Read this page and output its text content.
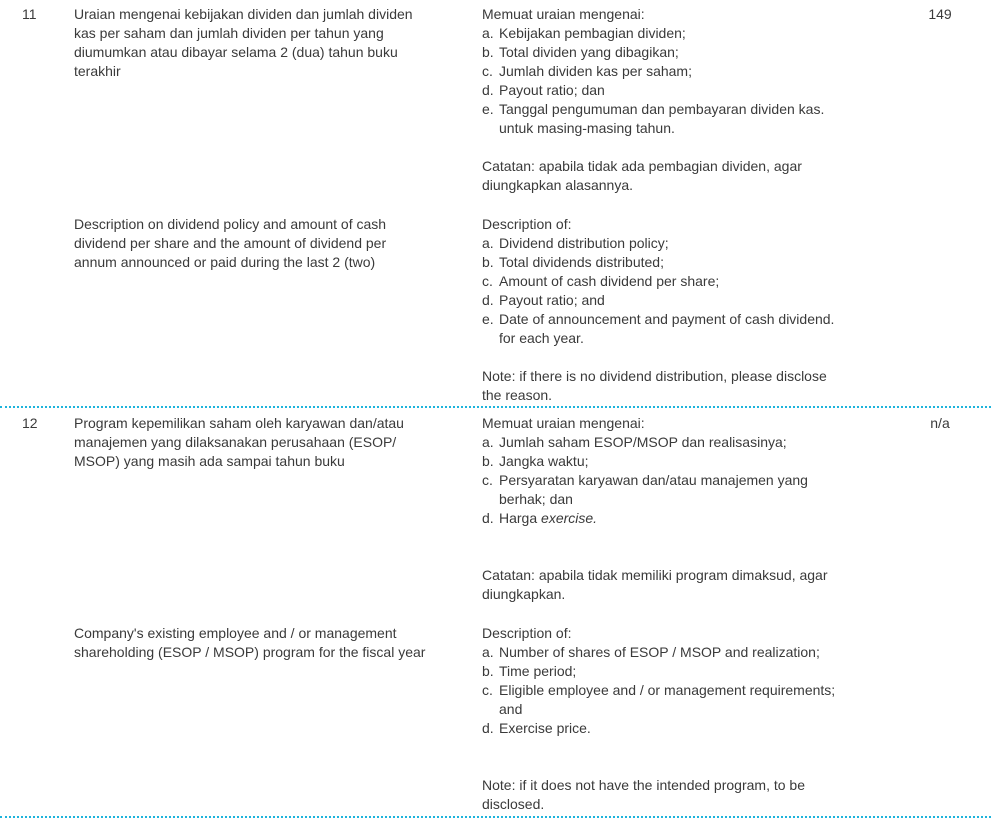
11	Uraian mengenai kebijakan dividen dan jumlah dividen
kas per saham dan jumlah dividen per tahun yang
diumumkan atau dibayar selama 2 (dua) tahun buku
terakhir
Memuat uraian mengenai:
a. Kebijakan pembagian dividen;
b. Total dividen yang dibagikan;
c. Jumlah dividen kas per saham;
d. Payout ratio; dan
e. Tanggal pengumuman dan pembayaran dividen kas.
untuk masing-masing tahun.
Catatan: apabila tidak ada pembagian dividen, agar
diungkapkan alasannya.
149
Description on dividend policy and amount of cash
dividend per share and the amount of dividend per
annum announced or paid during the last 2 (two)
Description of:
a. Dividend distribution policy;
b. Total dividends distributed;
c. Amount of cash dividend per share;
d. Payout ratio; and
e. Date of announcement and payment of cash dividend.
for each year.
Note: if there is no dividend distribution, please disclose
the reason.
12	Program kepemilikan saham oleh karyawan dan/atau
manajemen yang dilaksanakan perusahaan (ESOP/
MSOP) yang masih ada sampai tahun buku
Memuat uraian mengenai:
a. Jumlah saham ESOP/MSOP dan realisasinya;
b. Jangka waktu;
c. Persyaratan karyawan dan/atau manajemen yang
berhak; dan
d. Harga exercise.
Catatan: apabila tidak memiliki program dimaksud, agar
diungkapkan.
n/a
Company's existing employee and / or management
shareholding (ESOP / MSOP) program for the fiscal year
Description of:
a. Number of shares of ESOP / MSOP and realization;
b. Time period;
c. Eligible employee and / or management requirements;
and
d. Exercise price.
Note: if it does not have the intended program, to be
disclosed.
